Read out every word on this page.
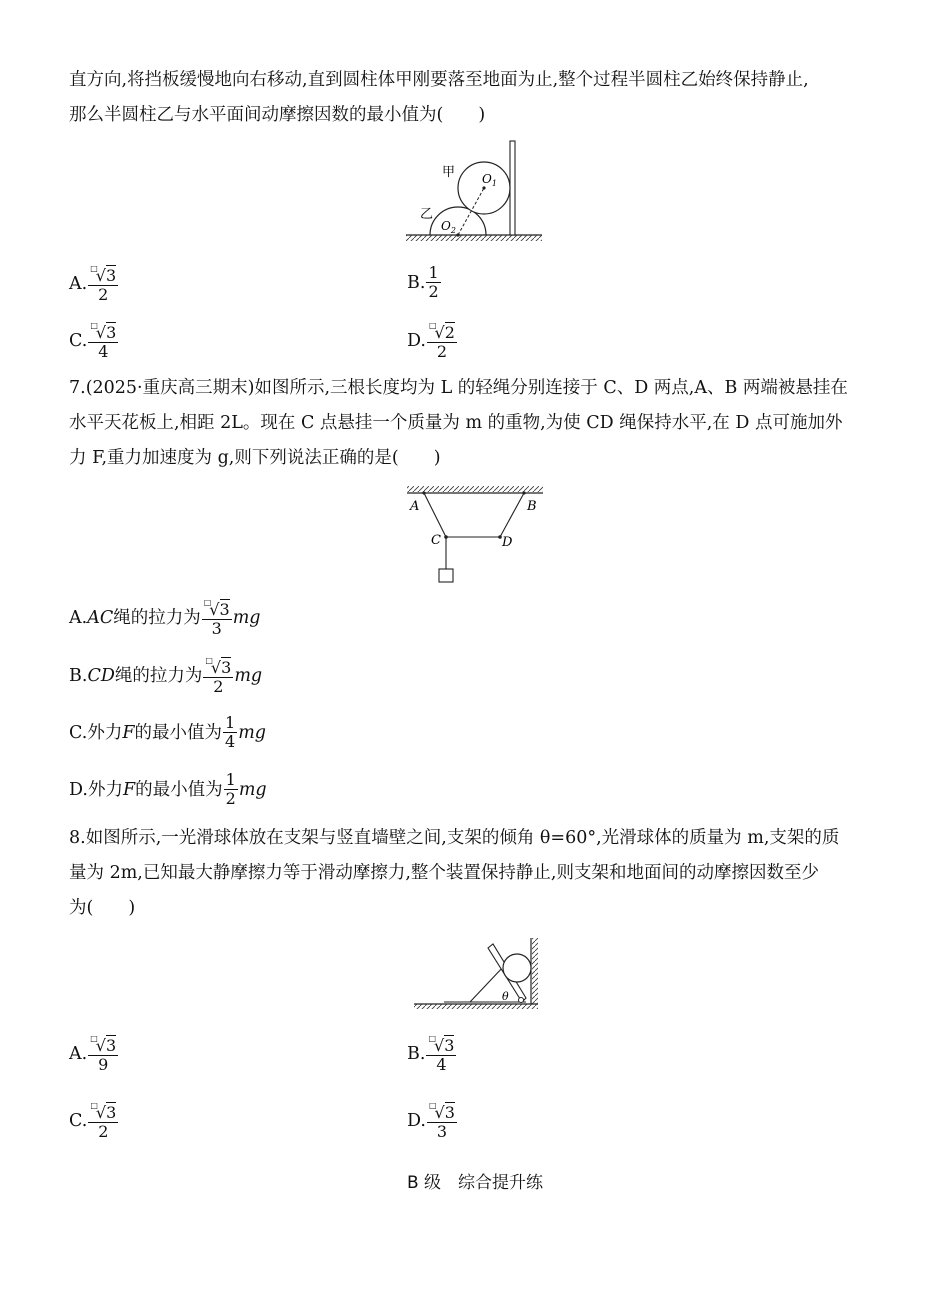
直方向,将挡板缓慢地向右移动,直到圆柱体甲刚要落至地面为止,整个过程半圆柱乙始终保持静止,
那么半圆柱乙与水平面间动摩擦因数的最小值为(　　)
甲
乙
$O_1$
$O_2$
A. $\frac{^□√3}{2}$	B. $\frac{1}{2}$
C. $\frac{^□√3}{4}$	D. $\frac{^□√2}{2}$
7.(2025·重庆高三期末)如图所示,三根长度均为 L 的轻绳分别连接于 C、D 两点,A、B 两端被悬挂在
水平天花板上,相距 2L。现在 C 点悬挂一个质量为 m 的重物,为使 CD 绳保持水平,在 D 点可施加外
力 F,重力加速度为 g,则下列说法正确的是(　　)
A	B
C	D
A. AC 绳的拉力为 $\frac{^□√3}{3}$ mg
B. CD 绳的拉力为 $\frac{^□√3}{2}$ mg
C.外力 F 的最小值为 $\frac{1}{4}$ mg
D.外力 F 的最小值为 $\frac{1}{2}$ mg
8.如图所示,一光滑球体放在支架与竖直墙壁之间,支架的倾角 θ=60°,光滑球体的质量为 m,支架的质
量为 2m,已知最大静摩擦力等于滑动摩擦力,整个装置保持静止,则支架和地面间的动摩擦因数至少
为(　　)
θ
A. $\frac{^□√3}{9}$	B. $\frac{^□√3}{4}$
C. $\frac{^□√3}{2}$	D. $\frac{^□√3}{3}$
B 级　综合提升练
